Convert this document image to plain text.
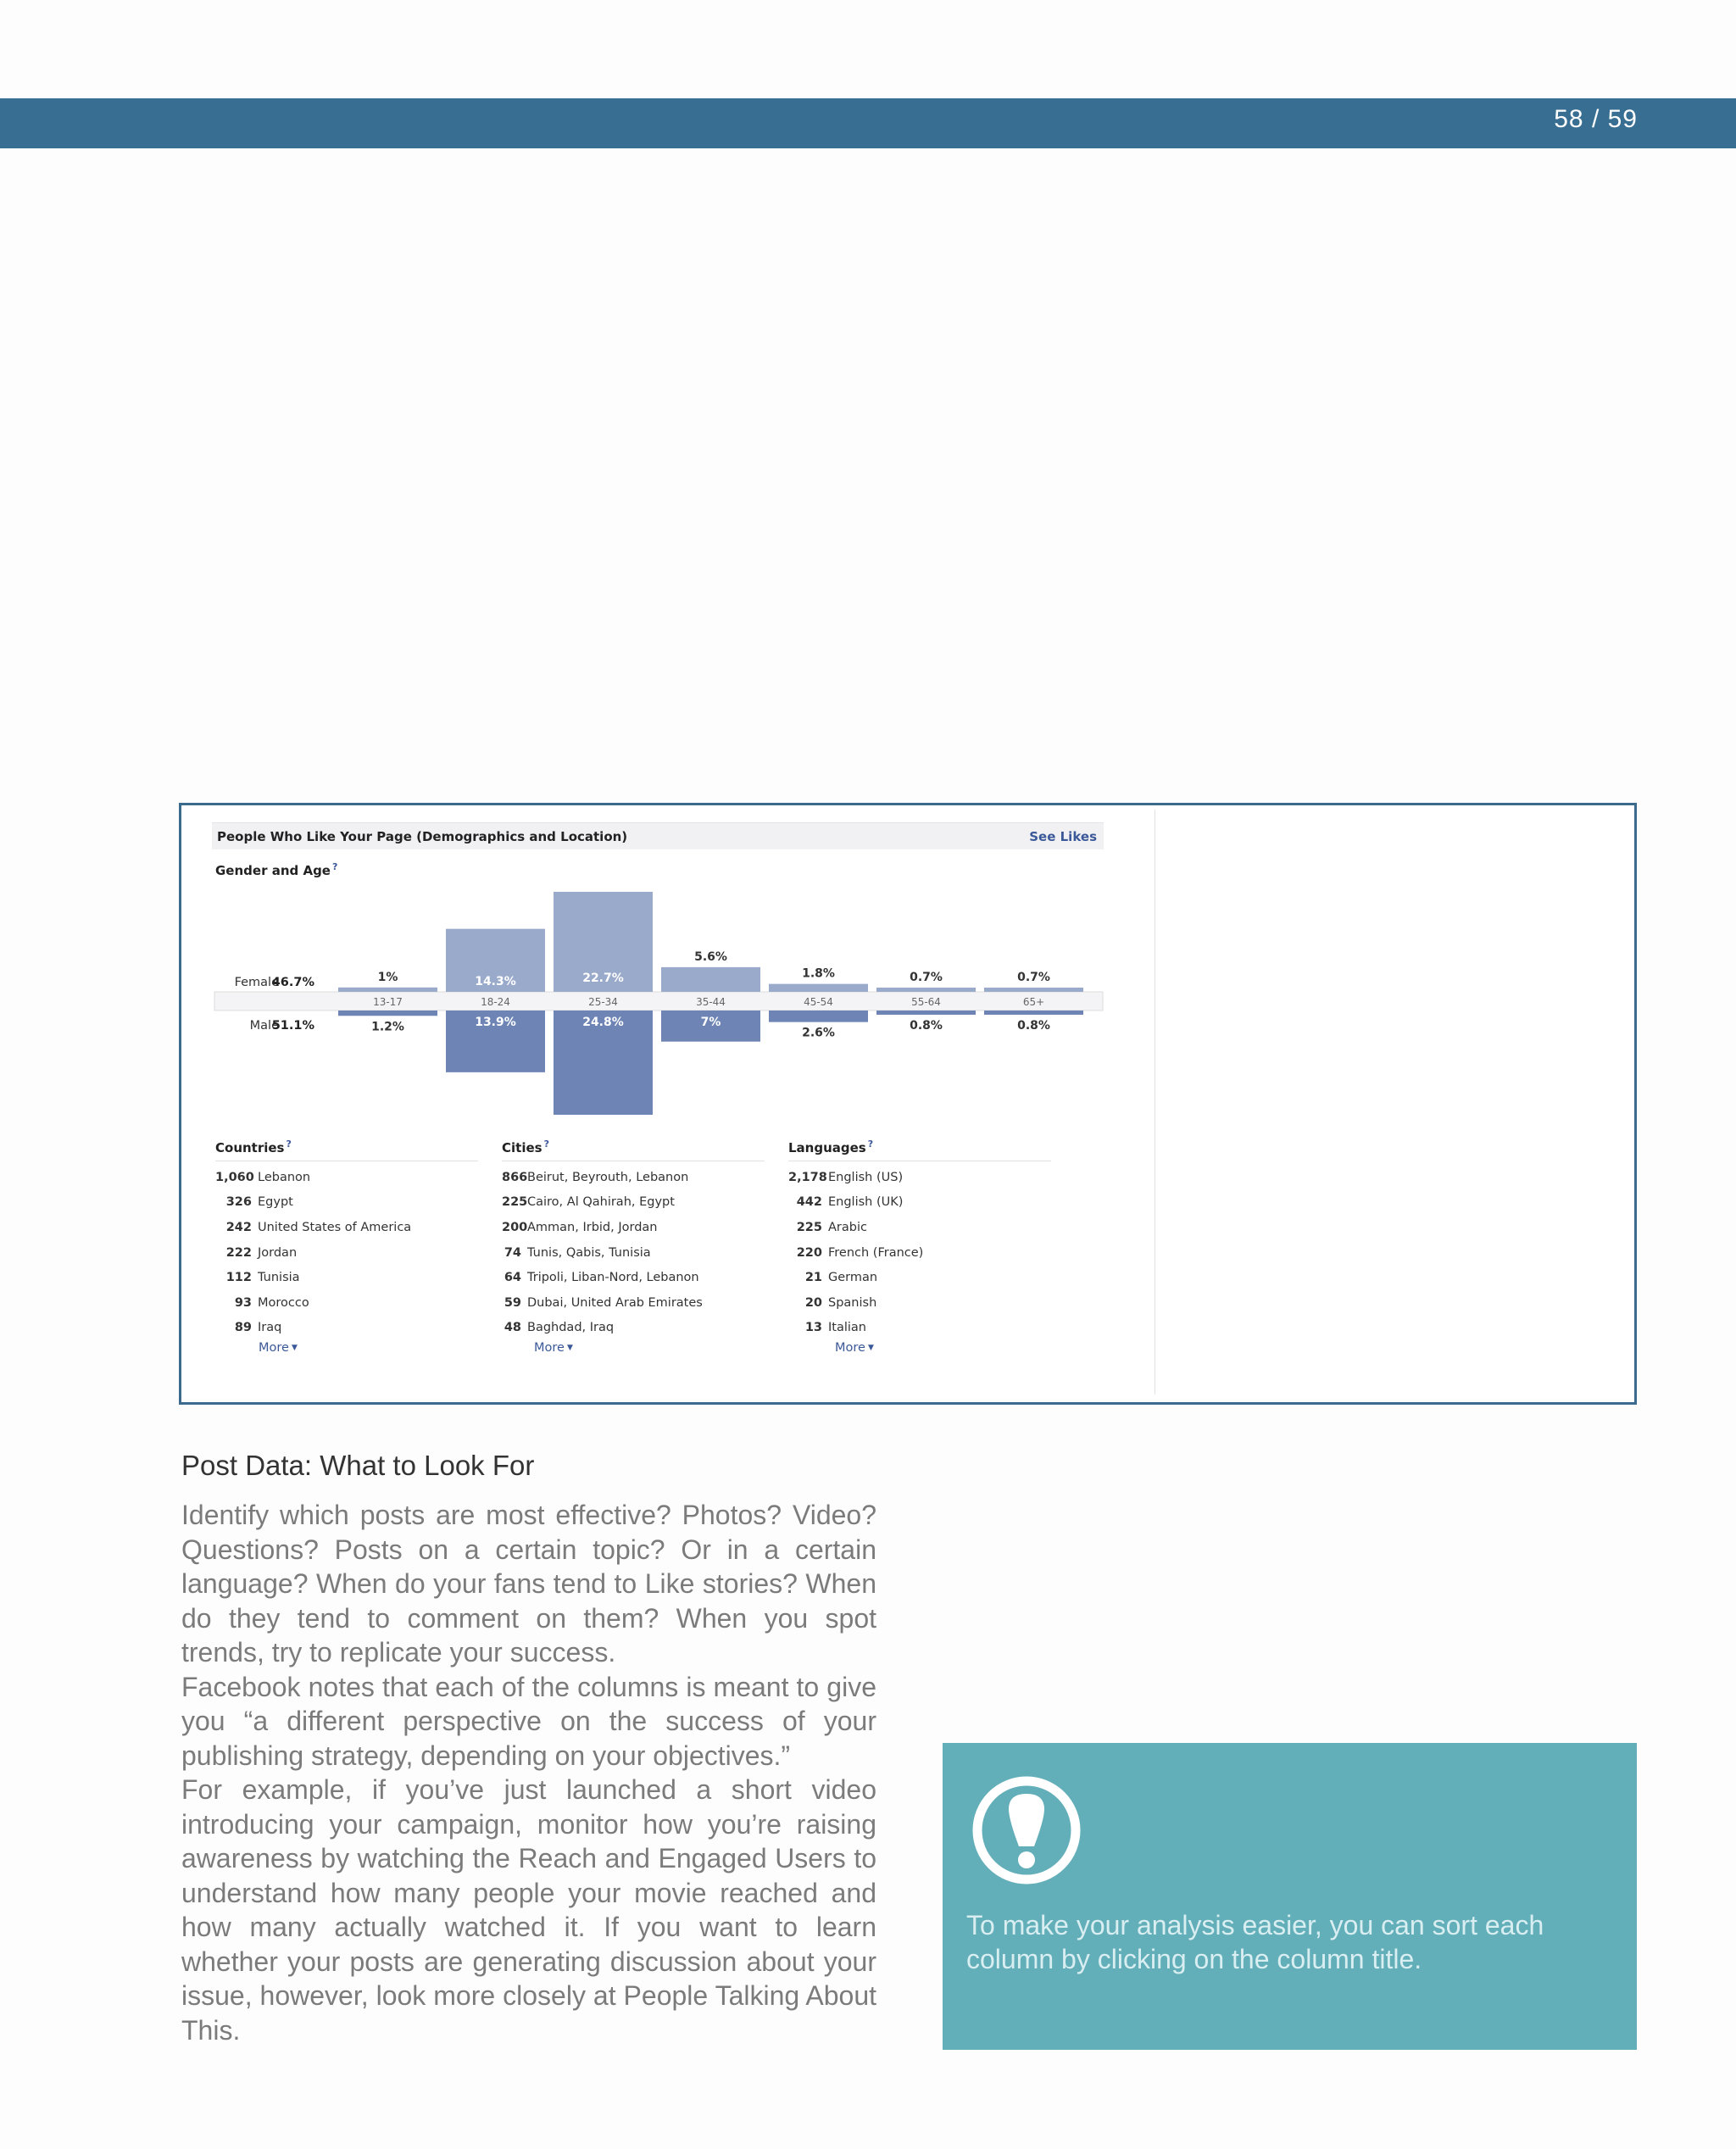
58 / 59
People Who Like Your Page (Demographics and Location)	See Likes
Gender and Age ?
Female
46.7%
Male
51.1%
1%
1.2%
13-17
14.3%
13.9%
18-24
22.7%
24.8%
25-34
5.6%
7%
35-44
1.8%
2.6%
45-54
0.7%
0.8%
55-64
0.7%
0.8%
65+
Countries ?
1,060 Lebanon
326 Egypt
242 United States of America
222 Jordan
112 Tunisia
93 Morocco
89 Iraq
More ▼
Cities ?
866 Beirut, Beyrouth, Lebanon
225 Cairo, Al Qahirah, Egypt
200 Amman, Irbid, Jordan
74 Tunis, Qabis, Tunisia
64 Tripoli, Liban-Nord, Lebanon
59 Dubai, United Arab Emirates
48 Baghdad, Iraq
More ▼
Languages ?
2,178 English (US)
442 English (UK)
225 Arabic
220 French (France)
21 German
20 Spanish
13 Italian
More ▼
Post Data: What to Look For

Identify which posts are most effective? Photos? Video? Questions? Posts on a certain topic? Or in a certain language? When do your fans tend to Like stories? When do they tend to comment on them? When you spot trends, try to replicate your success.

Facebook notes that each of the columns is meant to give you “a different perspective on the success of your publishing strategy, depending on your objectives.”

For example, if you’ve just launched a short video introducing your campaign, monitor how you’re raising awareness by watching the Reach and Engaged Users to understand how many people your movie reached and how many actually watched it. If you want to learn whether your posts are generating discussion about your issue, however, look more closely at People Talking About This.

To make your analysis easier, you can sort each column by clicking on the column title.
